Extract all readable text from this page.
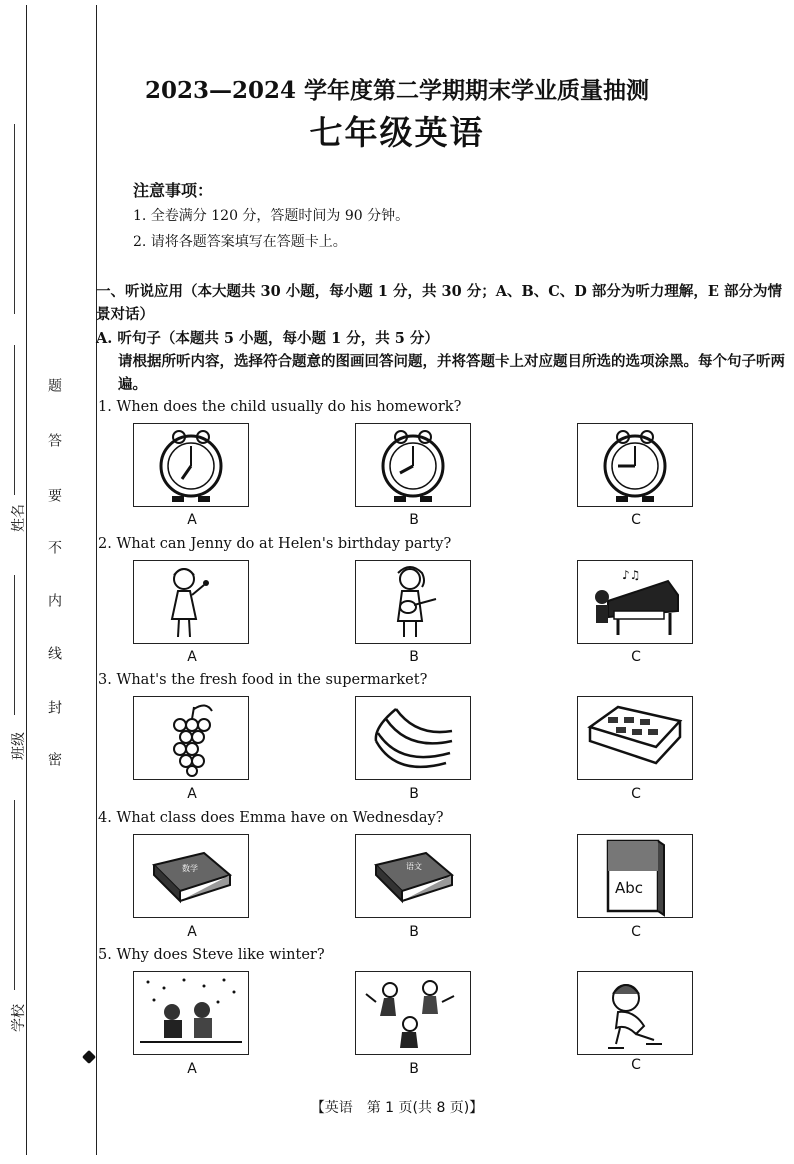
姓名
班级
学校
题
答
要
不
内
线
封
密
2023—2024 学年度第二学期期末学业质量抽测
七年级英语
注意事项：
1. 全卷满分 120 分，答题时间为 90 分钟。
2. 请将各题答案填写在答题卡上。
一、听说应用（本大题共 30 小题，每小题 1 分，共 30 分；A、B、C、D 部分为听力理解，E 部分为情景对话）
A. 听句子（本题共 5 小题，每小题 1 分，共 5 分）
请根据所听内容，选择符合题意的图画回答问题，并将答题卡上对应题目所选的选项涂黑。每个句子听两遍。
1. When does the child usually do his homework?
A	B	C
2. What can Jenny do at Helen's birthday party?
♪♫
A	B	C
3. What's the fresh food in the supermarket?
A	B	C
4. What class does Emma have on Wednesday?
数学	语文
Abc
A	B	C
5. Why does Steve like winter?
A	B	C
【英语　第 1 页(共 8 页)】
